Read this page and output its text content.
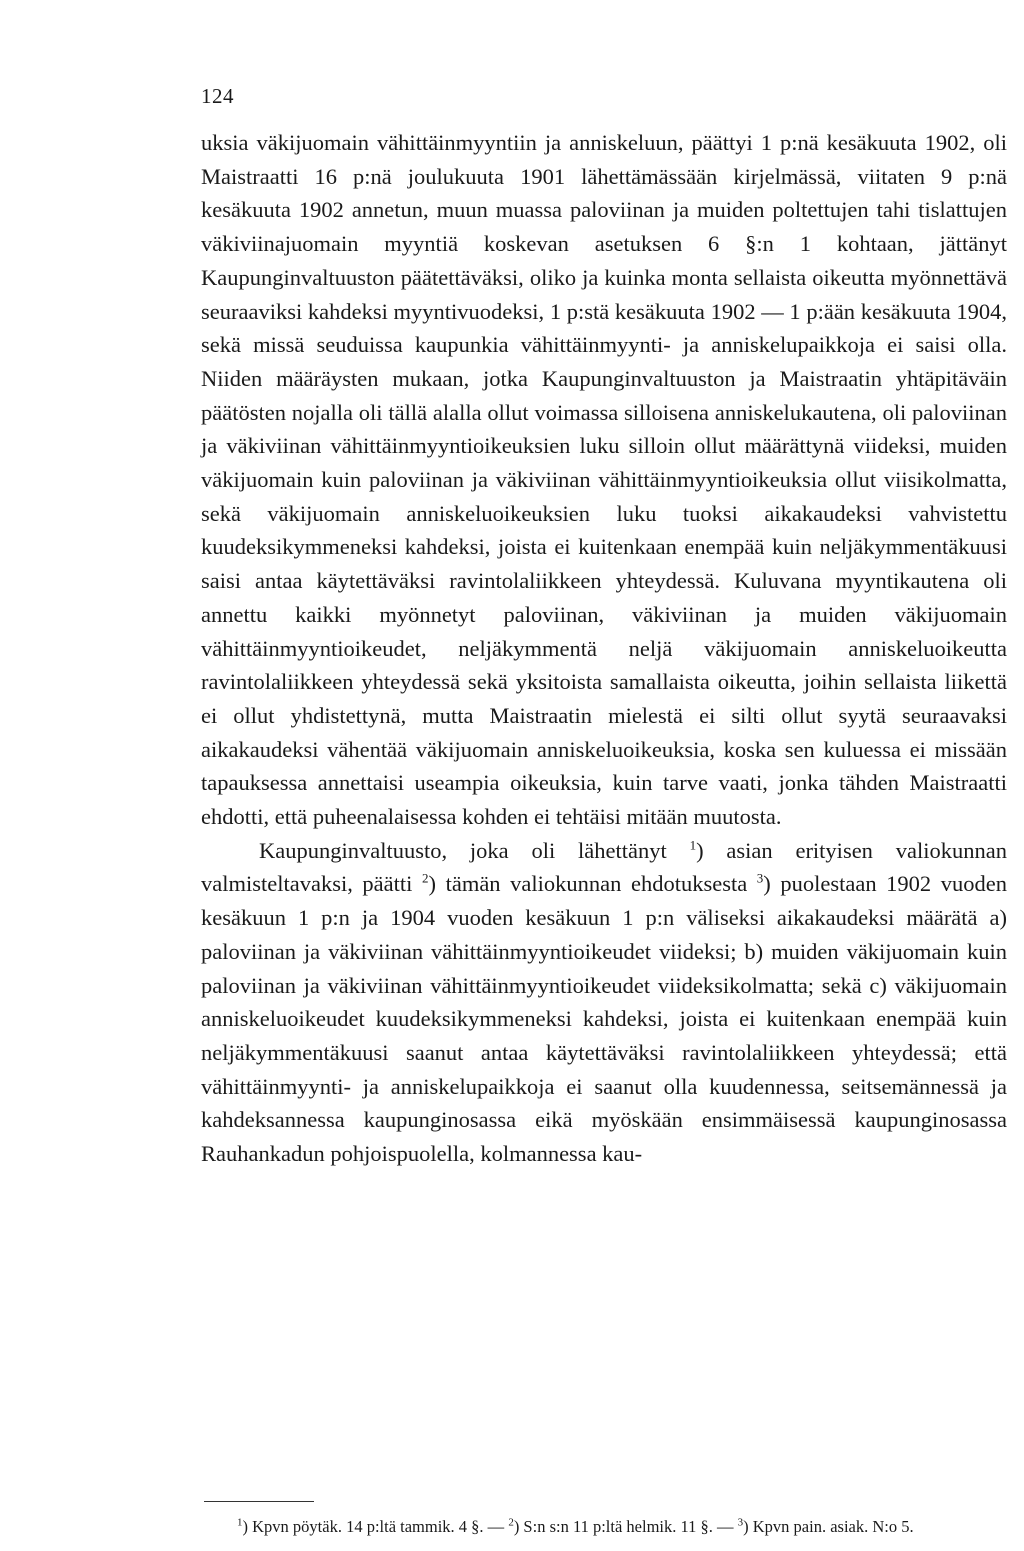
124

uksia väkijuomain vähittäinmyyntiin ja anniskeluun, päättyi 1 p:nä kesäkuuta 1902, oli Maistraatti 16 p:nä joulukuuta 1901 lähettämässään kirjelmässä, viitaten 9 p:nä kesäkuuta 1902 annetun, muun muassa paloviinan ja muiden poltettujen tahi tislattujen väkiviinajuomain myyntiä koskevan asetuksen 6 §:n 1 kohtaan, jättänyt Kaupunginvaltuuston päätettäväksi, oliko ja kuinka monta sellaista oikeutta myönnettävä seuraaviksi kahdeksi myyntivuodeksi, 1 p:stä kesäkuuta 1902 — 1 p:ään kesäkuuta 1904, sekä missä seuduissa kaupunkia vähittäinmyynti- ja anniskelupaikkoja ei saisi olla. Niiden määräysten mukaan, jotka Kaupunginvaltuuston ja Maistraatin yhtäpitäväin päätösten nojalla oli tällä alalla ollut voimassa silloisena anniskelukautena, oli paloviinan ja väkiviinan vähittäinmyyntioikeuksien luku silloin ollut määrättynä viideksi, muiden väkijuomain kuin paloviinan ja väkiviinan vähittäinmyyntioikeuksia ollut viisikolmatta, sekä väkijuomain anniskeluoikeuksien luku tuoksi aikakaudeksi vahvistettu kuudeksikymmeneksi kahdeksi, joista ei kuitenkaan enempää kuin neljäkymmentäkuusi saisi antaa käytettäväksi ravintolaliikkeen yhteydessä. Kuluvana myyntikautena oli annettu kaikki myönnetyt paloviinan, väkiviinan ja muiden väkijuomain vähittäinmyyntioikeudet, neljäkymmentä neljä väkijuomain anniskeluoikeutta ravintolaliikkeen yhteydessä sekä yksitoista samallaista oikeutta, joihin sellaista liikettä ei ollut yhdistettynä, mutta Maistraatin mielestä ei silti ollut syytä seuraavaksi aikakaudeksi vähentää väkijuomain anniskeluoikeuksia, koska sen kuluessa ei missään tapauksessa annettaisi useampia oikeuksia, kuin tarve vaati, jonka tähden Maistraatti ehdotti, että puheenalaisessa kohden ei tehtäisi mitään muutosta.

Kaupunginvaltuusto, joka oli lähettänyt $^1$) asian erityisen valiokunnan valmisteltavaksi, päätti $^2$) tämän valiokunnan ehdotuksesta $^3$) puolestaan 1902 vuoden kesäkuun 1 p:n ja 1904 vuoden kesäkuun 1 p:n väliseksi aikakaudeksi määrätä a) paloviinan ja väkiviinan vähittäinmyyntioikeudet viideksi; b) muiden väkijuomain kuin paloviinan ja väkiviinan vähittäinmyyntioikeudet viideksikolmatta; sekä c) väkijuomain anniskeluoikeudet kuudeksikymmeneksi kahdeksi, joista ei kuitenkaan enempää kuin neljäkymmentäkuusi saanut antaa käytettäväksi ravintolaliikkeen yhteydessä; että vähittäinmyynti- ja anniskelupaikkoja ei saanut olla kuudennessa, seitsemännessä ja kahdeksannessa kaupunginosassa eikä myöskään ensimmäisessä kaupunginosassa Rauhankadun pohjoispuolella, kolmannessa kau-

$^1$) Kpvn pöytäk. 14 p:ltä tammik. 4 §. — $^2$) S:n s:n 11 p:ltä helmik. 11 §. — $^3$) Kpvn pain. asiak. N:o 5.
